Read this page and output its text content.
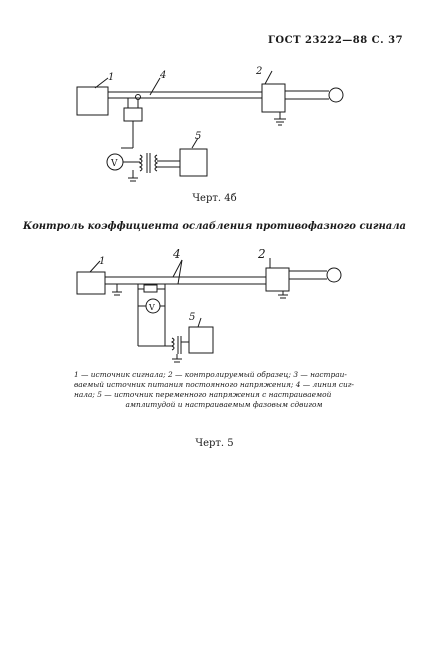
ГОСТ 23222—88 С. 37
1	4	2
5
V
Черт. 4б
Контроль коэффициента ослабления противофазного сигнала
1
4	2
5
V
1 — источник сигнала; 2 — контролируемый образец; 3 — настраи-
ваемый источник питания постоянного напряжения; 4 — линия сиг-
нала; 5 — источник переменного напряжения с настраиваемой
амплитудой и настраиваемым фазовым сдвигом
Черт. 5
